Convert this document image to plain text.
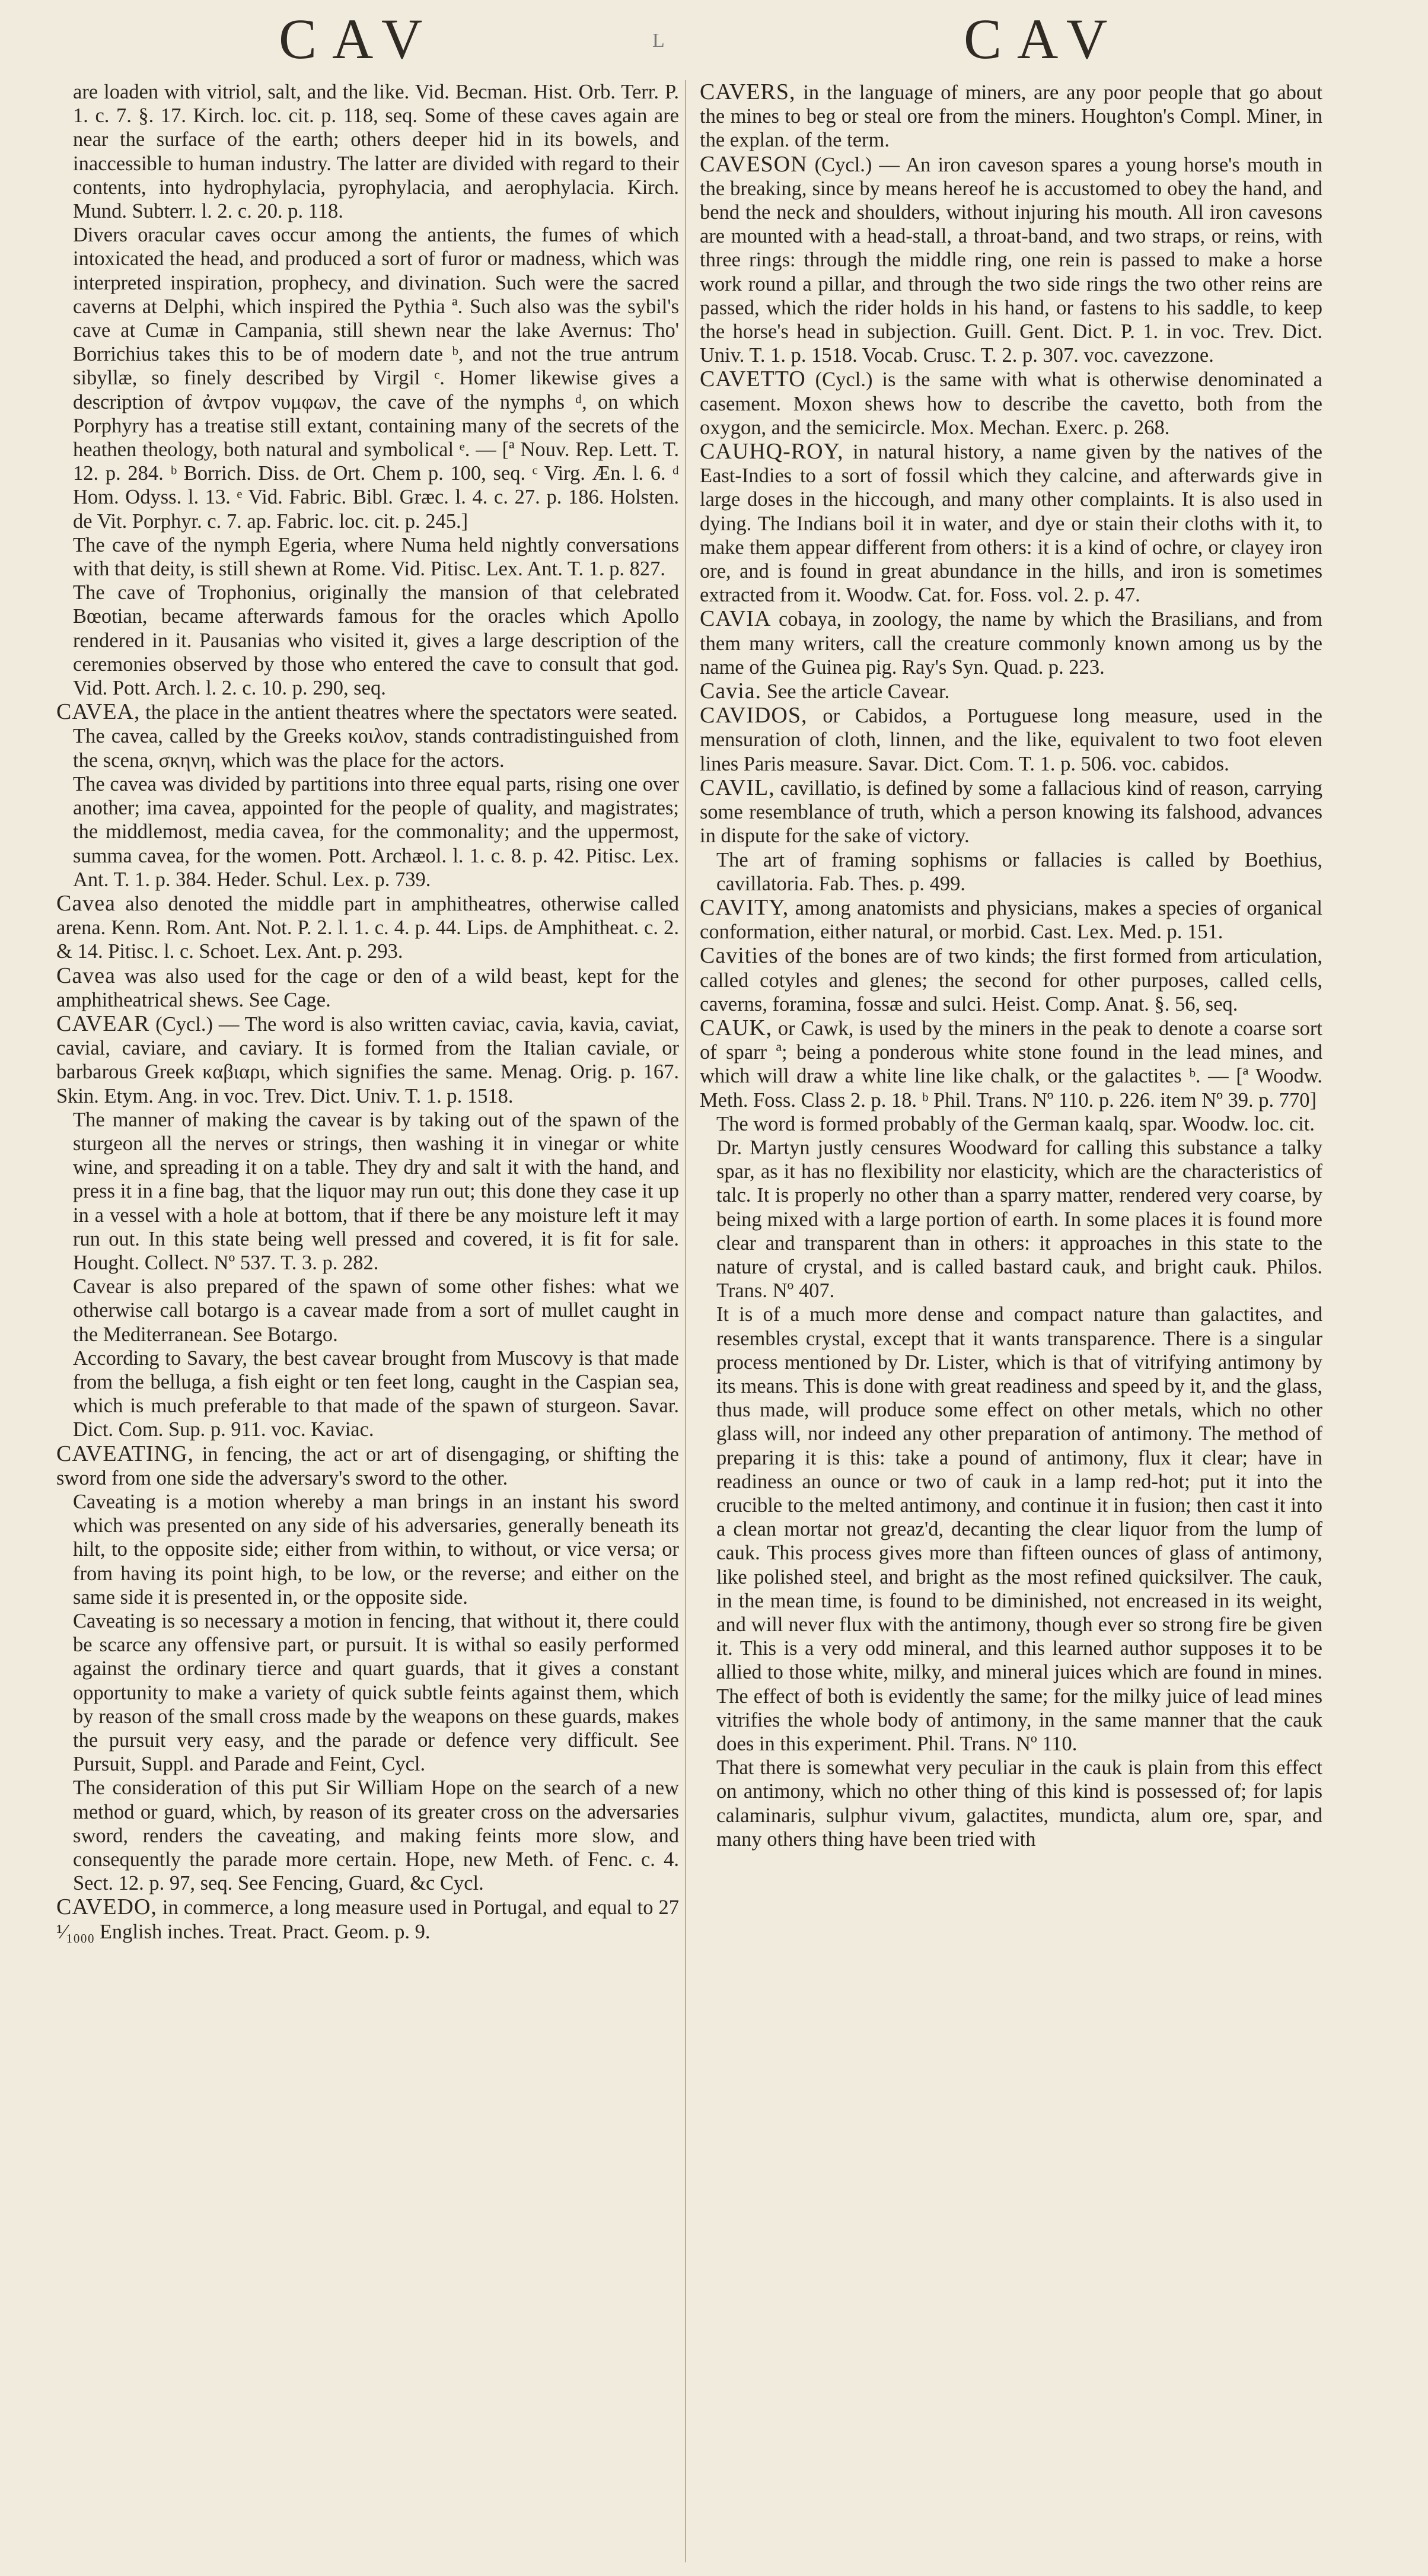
CAV	L	CAV

are loaden with vitriol, salt, and the like. Vid. Becman. Hist. Orb. Terr. P. 1. c. 7. §. 17. Kirch. loc. cit. p. 118, seq. Some of these caves again are near the surface of the earth; others deeper hid in its bowels, and inaccessible to human industry. The latter are divided with regard to their contents, into hydrophylacia, pyrophylacia, and aerophylacia. Kirch. Mund. Subterr. l. 2. c. 20. p. 118.

Divers oracular caves occur among the antients, the fumes of which intoxicated the head, and produced a sort of furor or madness, which was interpreted inspiration, prophecy, and divination. Such were the sacred caverns at Delphi, which inspired the Pythia ª. Such also was the sybil's cave at Cumæ in Campania, still shewn near the lake Avernus: Tho' Borrichius takes this to be of modern date ᵇ, and not the true antrum sibyllæ, so finely described by Virgil ᶜ. Homer likewise gives a description of ἀντρον νυμφων, the cave of the nymphs ᵈ, on which Porphyry has a treatise still extant, containing many of the secrets of the heathen theology, both natural and symbolical ᵉ. — [ª Nouv. Rep. Lett. T. 12. p. 284. ᵇ Borrich. Diss. de Ort. Chem p. 100, seq. ᶜ Virg. Æn. l. 6. ᵈ Hom. Odyss. l. 13. ᵉ Vid. Fabric. Bibl. Græc. l. 4. c. 27. p. 186. Holsten. de Vit. Porphyr. c. 7. ap. Fabric. loc. cit. p. 245.]

The cave of the nymph Egeria, where Numa held nightly conversations with that deity, is still shewn at Rome. Vid. Pitisc. Lex. Ant. T. 1. p. 827.

The cave of Trophonius, originally the mansion of that celebrated Bœotian, became afterwards famous for the oracles which Apollo rendered in it. Pausanias who visited it, gives a large description of the ceremonies observed by those who entered the cave to consult that god. Vid. Pott. Arch. l. 2. c. 10. p. 290, seq.

CAVEA, the place in the antient theatres where the spectators were seated.

The cavea, called by the Greeks κοιλον, stands contradistinguished from the scena, σκηνη, which was the place for the actors.

The cavea was divided by partitions into three equal parts, rising one over another; ima cavea, appointed for the people of quality, and magistrates; the middlemost, media cavea, for the commonality; and the uppermost, summa cavea, for the women. Pott. Archæol. l. 1. c. 8. p. 42. Pitisc. Lex. Ant. T. 1. p. 384. Heder. Schul. Lex. p. 739.

Cavea also denoted the middle part in amphitheatres, otherwise called arena. Kenn. Rom. Ant. Not. P. 2. l. 1. c. 4. p. 44. Lips. de Amphitheat. c. 2. & 14. Pitisc. l. c. Schoet. Lex. Ant. p. 293.

Cavea was also used for the cage or den of a wild beast, kept for the amphitheatrical shews. See Cage.

CAVEAR (Cycl.) — The word is also written caviac, cavia, kavia, caviat, cavial, caviare, and caviary. It is formed from the Italian caviale, or barbarous Greek καβιαρι, which signifies the same. Menag. Orig. p. 167. Skin. Etym. Ang. in voc. Trev. Dict. Univ. T. 1. p. 1518.

The manner of making the cavear is by taking out of the spawn of the sturgeon all the nerves or strings, then washing it in vinegar or white wine, and spreading it on a table. They dry and salt it with the hand, and press it in a fine bag, that the liquor may run out; this done they case it up in a vessel with a hole at bottom, that if there be any moisture left it may run out. In this state being well pressed and covered, it is fit for sale. Hought. Collect. Nº 537. T. 3. p. 282.

Cavear is also prepared of the spawn of some other fishes: what we otherwise call botargo is a cavear made from a sort of mullet caught in the Mediterranean. See Botargo.

According to Savary, the best cavear brought from Muscovy is that made from the belluga, a fish eight or ten feet long, caught in the Caspian sea, which is much preferable to that made of the spawn of sturgeon. Savar. Dict. Com. Sup. p. 911. voc. Kaviac.

CAVEATING, in fencing, the act or art of disengaging, or shifting the sword from one side the adversary's sword to the other.

Caveating is a motion whereby a man brings in an instant his sword which was presented on any side of his adversaries, generally beneath its hilt, to the opposite side; either from within, to without, or vice versa; or from having its point high, to be low, or the reverse; and either on the same side it is presented in, or the opposite side.

Caveating is so necessary a motion in fencing, that without it, there could be scarce any offensive part, or pursuit. It is withal so easily performed against the ordinary tierce and quart guards, that it gives a constant opportunity to make a variety of quick subtle feints against them, which by reason of the small cross made by the weapons on these guards, makes the pursuit very easy, and the parade or defence very difficult. See Pursuit, Suppl. and Parade and Feint, Cycl.

The consideration of this put Sir William Hope on the search of a new method or guard, which, by reason of its greater cross on the adversaries sword, renders the caveating, and making feints more slow, and consequently the parade more certain. Hope, new Meth. of Fenc. c. 4. Sect. 12. p. 97, seq. See Fencing, Guard, &c Cycl.

CAVEDO, in commerce, a long measure used in Portugal, and equal to 27 ¹⁄₁₀₀₀ English inches. Treat. Pract. Geom. p. 9.

CAVERS, in the language of miners, are any poor people that go about the mines to beg or steal ore from the miners. Houghton's Compl. Miner, in the explan. of the term.

CAVESON (Cycl.) — An iron caveson spares a young horse's mouth in the breaking, since by means hereof he is accustomed to obey the hand, and bend the neck and shoulders, without injuring his mouth. All iron cavesons are mounted with a head-stall, a throat-band, and two straps, or reins, with three rings: through the middle ring, one rein is passed to make a horse work round a pillar, and through the two side rings the two other reins are passed, which the rider holds in his hand, or fastens to his saddle, to keep the horse's head in subjection. Guill. Gent. Dict. P. 1. in voc. Trev. Dict. Univ. T. 1. p. 1518. Vocab. Crusc. T. 2. p. 307. voc. cavezzone.

CAVETTO (Cycl.) is the same with what is otherwise denominated a casement. Moxon shews how to describe the cavetto, both from the oxygon, and the semicircle. Mox. Mechan. Exerc. p. 268.

CAUHQ-ROY, in natural history, a name given by the natives of the East-Indies to a sort of fossil which they calcine, and afterwards give in large doses in the hiccough, and many other complaints. It is also used in dying. The Indians boil it in water, and dye or stain their cloths with it, to make them appear different from others: it is a kind of ochre, or clayey iron ore, and is found in great abundance in the hills, and iron is sometimes extracted from it. Woodw. Cat. for. Foss. vol. 2. p. 47.

CAVIA cobaya, in zoology, the name by which the Brasilians, and from them many writers, call the creature commonly known among us by the name of the Guinea pig. Ray's Syn. Quad. p. 223.

Cavia. See the article Cavear.

CAVIDOS, or Cabidos, a Portuguese long measure, used in the mensuration of cloth, linnen, and the like, equivalent to two foot eleven lines Paris measure. Savar. Dict. Com. T. 1. p. 506. voc. cabidos.

CAVIL, cavillatio, is defined by some a fallacious kind of reason, carrying some resemblance of truth, which a person knowing its falshood, advances in dispute for the sake of victory.

The art of framing sophisms or fallacies is called by Boethius, cavillatoria. Fab. Thes. p. 499.

CAVITY, among anatomists and physicians, makes a species of organical conformation, either natural, or morbid. Cast. Lex. Med. p. 151.

Cavities of the bones are of two kinds; the first formed from articulation, called cotyles and glenes; the second for other purposes, called cells, caverns, foramina, fossæ and sulci. Heist. Comp. Anat. §. 56, seq.

CAUK, or Cawk, is used by the miners in the peak to denote a coarse sort of sparr ª; being a ponderous white stone found in the lead mines, and which will draw a white line like chalk, or the galactites ᵇ. — [ª Woodw. Meth. Foss. Class 2. p. 18. ᵇ Phil. Trans. Nº 110. p. 226. item Nº 39. p. 770]

The word is formed probably of the German kaalq, spar. Woodw. loc. cit.

Dr. Martyn justly censures Woodward for calling this substance a talky spar, as it has no flexibility nor elasticity, which are the characteristics of talc. It is properly no other than a sparry matter, rendered very coarse, by being mixed with a large portion of earth. In some places it is found more clear and transparent than in others: it approaches in this state to the nature of crystal, and is called bastard cauk, and bright cauk. Philos. Trans. Nº 407.

It is of a much more dense and compact nature than galactites, and resembles crystal, except that it wants transparence. There is a singular process mentioned by Dr. Lister, which is that of vitrifying antimony by its means. This is done with great readiness and speed by it, and the glass, thus made, will produce some effect on other metals, which no other glass will, nor indeed any other preparation of antimony. The method of preparing it is this: take a pound of antimony, flux it clear; have in readiness an ounce or two of cauk in a lamp red-hot; put it into the crucible to the melted antimony, and continue it in fusion; then cast it into a clean mortar not greaz'd, decanting the clear liquor from the lump of cauk. This process gives more than fifteen ounces of glass of antimony, like polished steel, and bright as the most refined quicksilver. The cauk, in the mean time, is found to be diminished, not encreased in its weight, and will never flux with the antimony, though ever so strong fire be given it. This is a very odd mineral, and this learned author supposes it to be allied to those white, milky, and mineral juices which are found in mines. The effect of both is evidently the same; for the milky juice of lead mines vitrifies the whole body of antimony, in the same manner that the cauk does in this experiment. Phil. Trans. Nº 110.

That there is somewhat very peculiar in the cauk is plain from this effect on antimony, which no other thing of this kind is possessed of; for lapis calaminaris, sulphur vivum, galactites, mundicta, alum ore, spar, and many others thing have been tried with
